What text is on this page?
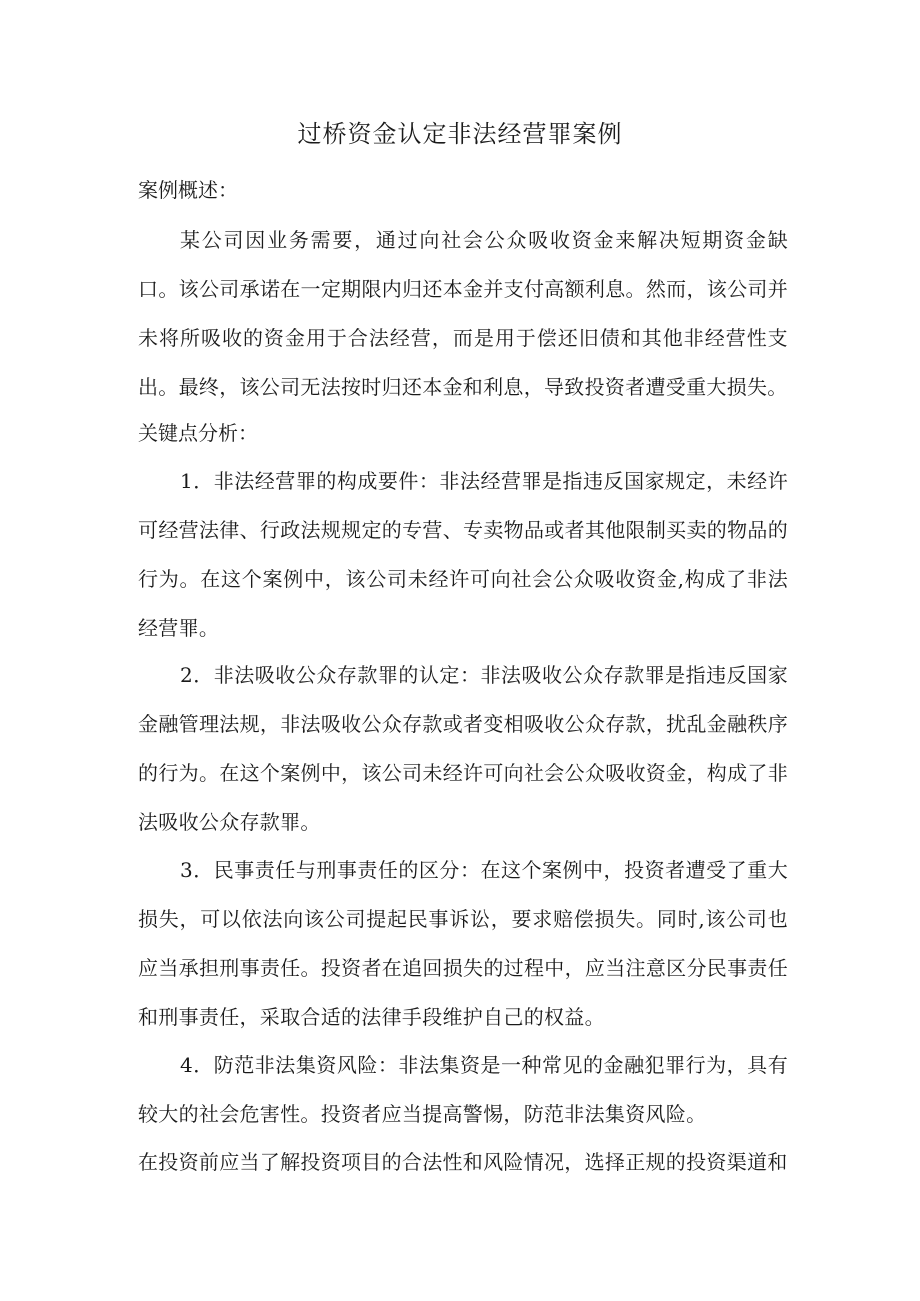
过桥资金认定非法经营罪案例
案例概述：
某公司因业务需要，通过向社会公众吸收资金来解决短期资金缺口。该公司承诺在一定期限内归还本金并支付高额利息。然而，该公司并未将所吸收的资金用于合法经营，而是用于偿还旧债和其他非经营性支出。最终，该公司无法按时归还本金和利息，导致投资者遭受重大损失。
关键点分析：
1．非法经营罪的构成要件：非法经营罪是指违反国家规定，未经许可经营法律、行政法规规定的专营、专卖物品或者其他限制买卖的物品的行为。在这个案例中，该公司未经许可向社会公众吸收资金,构成了非法经营罪。
2．非法吸收公众存款罪的认定：非法吸收公众存款罪是指违反国家金融管理法规，非法吸收公众存款或者变相吸收公众存款，扰乱金融秩序的行为。在这个案例中，该公司未经许可向社会公众吸收资金，构成了非法吸收公众存款罪。
3．民事责任与刑事责任的区分：在这个案例中，投资者遭受了重大损失，可以依法向该公司提起民事诉讼，要求赔偿损失。同时,该公司也应当承担刑事责任。投资者在追回损失的过程中，应当注意区分民事责任和刑事责任，采取合适的法律手段维护自己的权益。
4．防范非法集资风险：非法集资是一种常见的金融犯罪行为，具有较大的社会危害性。投资者应当提高警惕，防范非法集资风险。
在投资前应当了解投资项目的合法性和风险情况，选择正规的投资渠道和
